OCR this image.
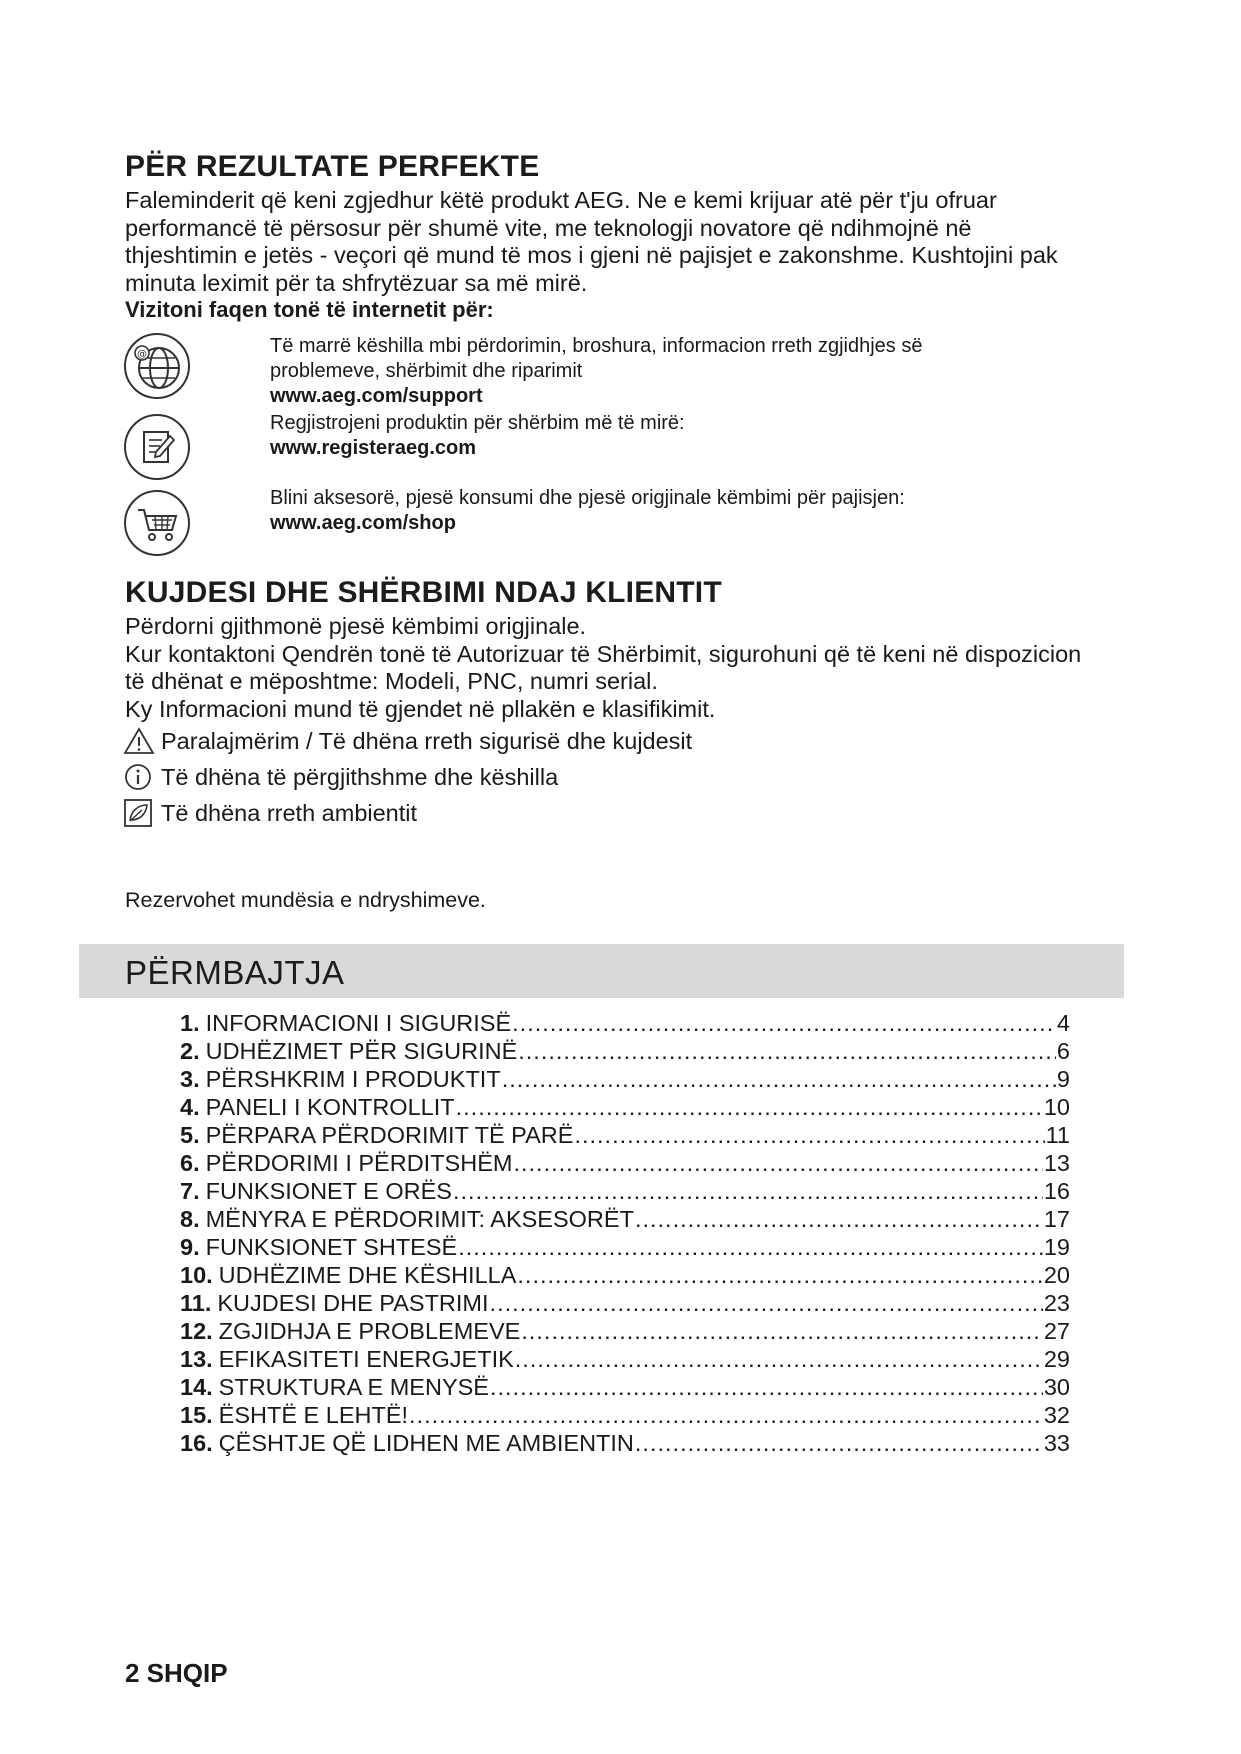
PËR REZULTATE PERFEKTE

Faleminderit që keni zgjedhur këtë produkt AEG. Ne e kemi krijuar atë për t'ju ofruar performancë të përsosur për shumë vite, me teknologji novatore që ndihmojnë në thjeshtimin e jetës - veçori që mund të mos i gjeni në pajisjet e zakonshme. Kushtojini pak minuta leximit për ta shfrytëzuar sa më mirë.

Vizitoni faqen tonë të internetit për:
@	Të marrë këshilla mbi përdorimin, broshura, informacion rreth zgjidhjes së problemeve, shërbimit dhe riparimit
www.aeg.com/support
Regjistrojeni produktin për shërbim më të mirë:
www.registeraeg.com
Blini aksesorë, pjesë konsumi dhe pjesë origjinale këmbimi për pajisjen:
www.aeg.com/shop
KUJDESI DHE SHËRBIMI NDAJ KLIENTIT

Përdorni gjithmonë pjesë këmbimi origjinale.

Kur kontaktoni Qendrën tonë të Autorizuar të Shërbimit, sigurohuni që të keni në dispozicion të dhënat e mëposhtme: Modeli, PNC, numri serial.

Ky Informacioni mund të gjendet në pllakën e klasifikimit.

Paralajmërim / Të dhëna rreth sigurisë dhe kujdesit
Të dhëna të përgjithshme dhe këshilla
Të dhëna rreth ambientit
Rezervohet mundësia e ndryshimeve.
PËRMBAJTJA
1. INFORMACIONI I SIGURISË .....	4
2. UDHËZIMET PËR SIGURINË .....	6
3. PËRSHKRIM I PRODUKTIT .....	9
4. PANELI I KONTROLLIT .....	10
5. PËRPARA PËRDORIMIT TË PARË .....	11
6. PËRDORIMI I PËRDITSHËM .....	13
7. FUNKSIONET E ORËS .....	16
8. MËNYRA E PËRDORIMIT: AKSESORËT .....	17
9. FUNKSIONET SHTESË .....	19
10. UDHËZIME DHE KËSHILLA .....	20
11. KUJDESI DHE PASTRIMI .....	23
12. ZGJIDHJA E PROBLEMEVE .....	27
13. EFIKASITETI ENERGJETIK .....	29
14. STRUKTURA E MENYSË .....	30
15. ËSHTË E LEHTË! .....	32
16. ÇËSHTJE QË LIDHEN ME AMBIENTIN .....	33
2 SHQIP
